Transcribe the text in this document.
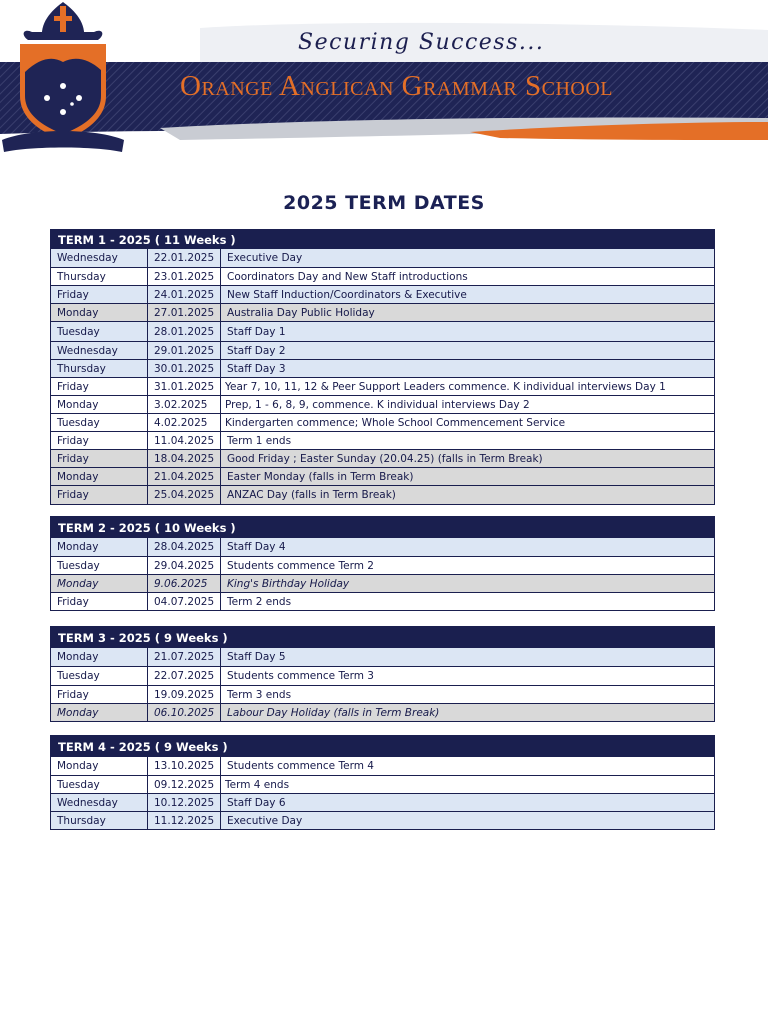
Securing Success...
Orange Anglican Grammar School
SEEK THE TRUTH
2025 TERM DATES
TERM 1 - 2025 ( 11 Weeks )
Wednesday	22.01.2025	Executive Day
Thursday	23.01.2025	Coordinators Day and New Staff introductions
Friday	24.01.2025	New Staff Induction/Coordinators & Executive
Monday	27.01.2025	Australia Day Public Holiday
Tuesday	28.01.2025	Staff Day 1
Wednesday	29.01.2025	Staff Day 2
Thursday	30.01.2025	Staff Day 3
Friday	31.01.2025	Year 7, 10, 11, 12 & Peer Support Leaders commence. K individual interviews Day 1
Monday	3.02.2025	Prep, 1 - 6, 8, 9, commence. K individual interviews Day 2
Tuesday	4.02.2025	Kindergarten commence; Whole School Commencement Service
Friday	11.04.2025	Term 1 ends
Friday	18.04.2025	Good Friday ; Easter Sunday (20.04.25) (falls in Term Break)
Monday	21.04.2025	Easter Monday (falls in Term Break)
Friday	25.04.2025	ANZAC Day (falls in Term Break)
TERM 2 - 2025 ( 10 Weeks )
Monday	28.04.2025	Staff Day 4
Tuesday	29.04.2025	Students commence Term 2
Monday	9.06.2025	King's Birthday Holiday
Friday	04.07.2025	Term 2 ends
TERM 3 - 2025 ( 9 Weeks )
Monday	21.07.2025	Staff Day 5
Tuesday	22.07.2025	Students commence Term 3
Friday	19.09.2025	Term 3 ends
Monday	06.10.2025	Labour Day Holiday (falls in Term Break)
TERM 4 - 2025 ( 9 Weeks )
Monday	13.10.2025	Students commence Term 4
Tuesday	09.12.2025	Term 4 ends
Wednesday	10.12.2025	Staff Day 6
Thursday	11.12.2025	Executive Day
